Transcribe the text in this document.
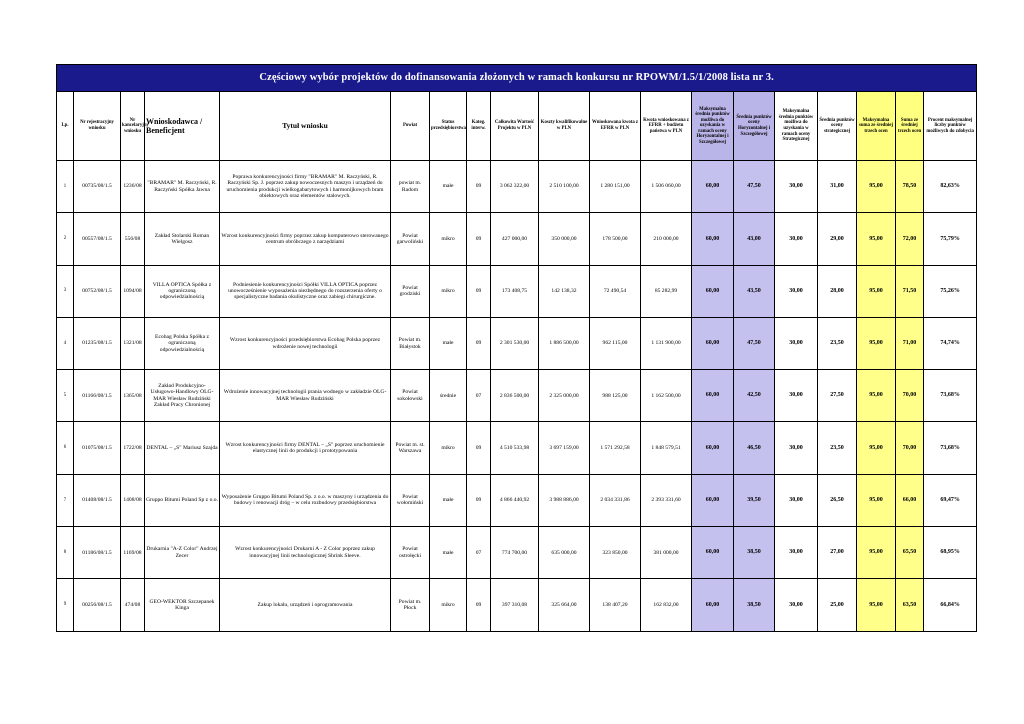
Częściowy wybór projektów do dofinansowania złożonych w ramach konkursu nr RPOWM/1.5/1/2008 lista nr 3.																		
Lp.	Nr rejestracyjny wniosku	Nr kancelaryjny wniosku	Wnioskodawca / Beneficjent	Tytuł wniosku	Powiat	Status przedsiębiorstwa	Kateg. interw.	Całkowita Wartość Projektu w PLN	Koszty kwalifikowalne w PLN	Wnioskowana kwota z EFRR w PLN	Kwota wnioskowana z EFRR + budżetu państwa w PLN	Maksymalna średnia punktów możliwa do uzyskania w ramach oceny Horyzontalnej i Szczegółowej	Średnia punktów oceny Horyzontalnej i Szczegółowej	Maksymalna średnia punktów możliwa do uzyskania w ramach oceny Strategicznej	Średnia punktów oceny strategicznej	Maksymalna suma ze średniej trzech ocen	Suma ze średniej trzech ocen	Procent maksymalnej liczby punktów możliwych do zdobycia
1	00735/08/1.5	1236/08	"BRAMAR" M. Raczyński, R. Raczyński Spółka Jawna	Poprawa konkurencyjności firmy "BRAMAR" M. Raczyński, R. Raczyński Sp. J. poprzez zakup nowoczesnych maszyn i urządzeń do uruchomienia produkcji wielkogabarytowych i harmonijkowych bram obiektowych oraz elementów stalowych.	powiat m. Radom	małe	09	3 062 322,00	2 510 100,00	1 280 151,00	1 506 060,00	60,00	47,50	30,00	31,00	95,00	78,50	82,63%
2	00557/08/1.5	556/08	Zakład Stolarski Roman Wielgosz	Wzrost konkurencyjności firmy poprzez zakup komputerowo sterowanego centrum obróbczego z narzędziami	Powiat garwoliński	mikro	09	427 000,00	350 000,00	178 500,00	210 000,00	60,00	43,00	30,00	29,00	95,00	72,00	75,79%
3	00752/08/1.5	1094/08	VILLA OPTICA Spółka z ograniczoną odpowiedzialnością	Podniesienie konkurencyjności Spółki VILLA OPTICA poprzez unowocześnienie wyposażenia niezbędnego do rozszerzenia oferty o specjalistyczne badania okulistyczne oraz zabiegi chirurgiczne.	Powiat grodziski	mikro	09	173 408,75	142 138,32	72 490,54	85 282,99	60,00	43,50	30,00	28,00	95,00	71,50	75,26%
4	01235/08/1.5	1321/08	Ecobag Polska Spółka z ograniczoną odpowiedzialnością	Wzrost konkurencyjności przedsiębiorstwa Ecobag Polska poprzez wdrożenie nowej technologii	Powiat m. Białystok	małe	09	2 301 530,00	1 886 500,00	962 115,00	1 131 900,00	60,00	47,50	30,00	23,50	95,00	71,00	74,74%
5	01166/08/1.5	1365/08	Zakład Produkcyjno-Usługowo-Handlowy OLG-MAR Wiesław Rudziński Zakład Pracy Chronionej	Wdrożenie innowacyjnej technologii prania wodnego w zakładzie OLG-MAR Wiesław Rudziński	Powiat sokołowski	średnie	07	2 836 500,00	2 325 000,00	988 125,00	1 162 500,00	60,00	42,50	30,00	27,50	95,00	70,00	73,68%
6	01075/08/1.5	1722/08	DENTAL – „S" Mariusz Szajda	Wzrost konkurencyjności firmy DENTAL – „S" poprzez uruchomienie elastycznej linii do produkcji i prototypowania	Powiat m. st. Warszawa	mikro	09	4 510 533,98	3 697 159,00	1 571 292,58	1 848 579,51	60,00	46,50	30,00	23,50	95,00	70,00	73,68%
7	01408/08/1.5	1408/08	Gruppo Bitumi Poland Sp z o.o.	Wyposażenie Gruppo Bitumi Poland Sp. z o.o. w maszyny i urządzenia do budowy i renowacji dróg – w celu rozbudowy przedsiębiorstwa	Powiat wołomiński	małe	09	4 866 440,92	3 988 886,00	2 034 331,86	2 393 331,60	60,00	39,50	30,00	26,50	95,00	66,00	69,47%
8	01186/08/1.5	1169/08	Drukarnia "A-Z Color" Andrzej Zecer	Wzrost konkurencyjności Drukarni A - Z Color poprzez zakup innowacyjnej linii technologicznej Shrink Sleeve.	Powiat ostrołęcki	małe	07	774 700,00	635 000,00	323 850,00	381 000,00	60,00	38,50	30,00	27,00	95,00	65,50	68,95%
9	00256/08/1.5	474/08	GEO-WEKTOR Szczepanek Kinga	Zakup lokalu, urządzeń i oprogramowania	Powiat m. Płock	mikro	09	397 310,08	325 664,00	138 407,20	162 832,00	60,00	38,50	30,00	25,00	95,00	63,50	66,84%
